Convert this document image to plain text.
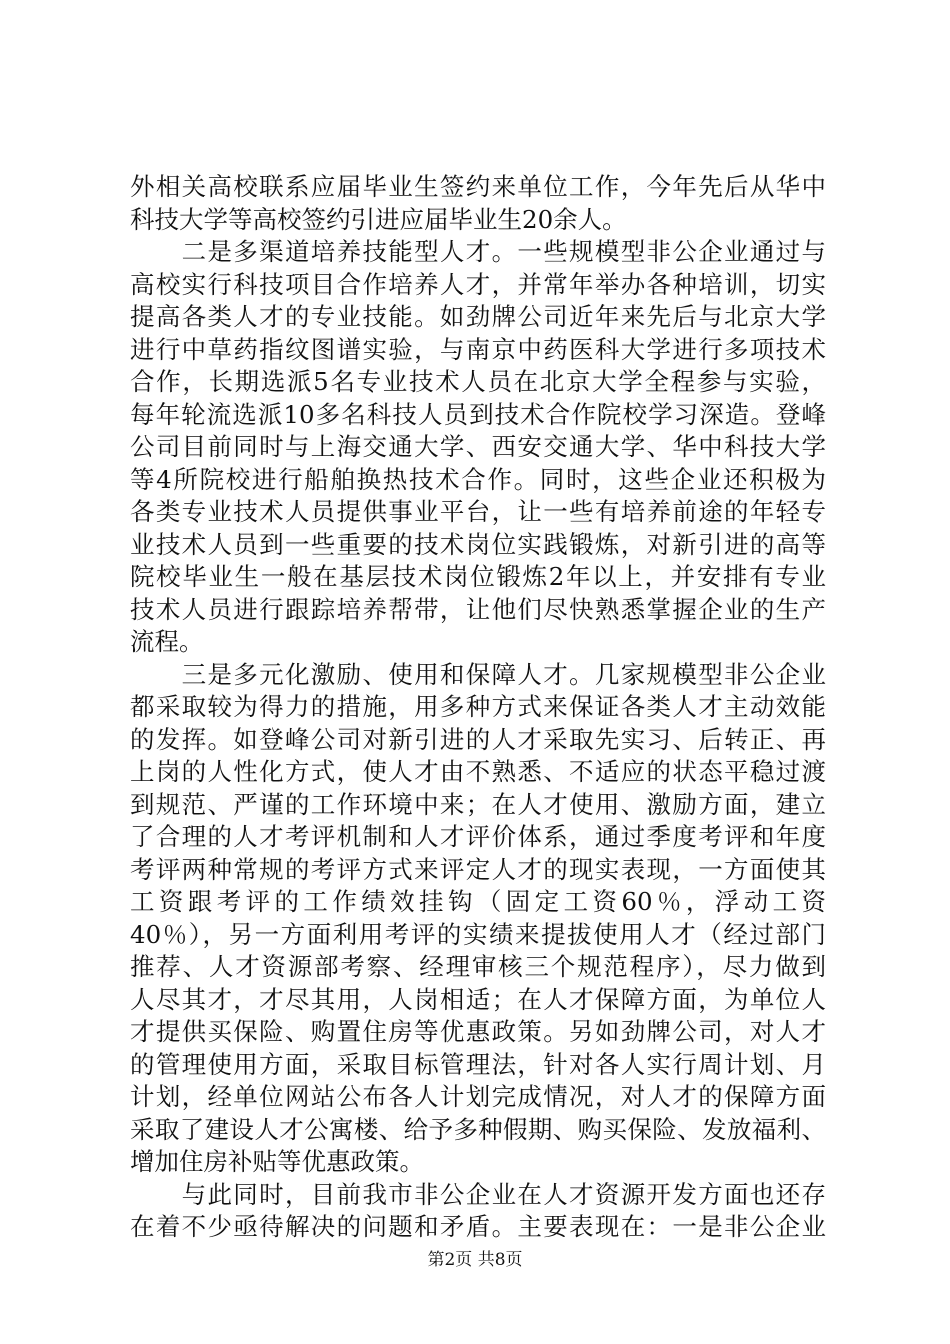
外相关高校联系应届毕业生签约来单位工作，今年先后从华中
科技大学等高校签约引进应届毕业生20余人。
　　二是多渠道培养技能型人才。一些规模型非公企业通过与
高校实行科技项目合作培养人才，并常年举办各种培训，切实
提高各类人才的专业技能。如劲牌公司近年来先后与北京大学
进行中草药指纹图谱实验，与南京中药医科大学进行多项技术
合作，长期选派5名专业技术人员在北京大学全程参与实验，
每年轮流选派10多名科技人员到技术合作院校学习深造。登峰
公司目前同时与上海交通大学、西安交通大学、华中科技大学
等4所院校进行船舶换热技术合作。同时，这些企业还积极为
各类专业技术人员提供事业平台，让一些有培养前途的年轻专
业技术人员到一些重要的技术岗位实践锻炼，对新引进的高等
院校毕业生一般在基层技术岗位锻炼2年以上，并安排有专业
技术人员进行跟踪培养帮带，让他们尽快熟悉掌握企业的生产
流程。
　　三是多元化激励、使用和保障人才。几家规模型非公企业
都采取较为得力的措施，用多种方式来保证各类人才主动效能
的发挥。如登峰公司对新引进的人才采取先实习、后转正、再
上岗的人性化方式，使人才由不熟悉、不适应的状态平稳过渡
到规范、严谨的工作环境中来；在人才使用、激励方面，建立
了合理的人才考评机制和人才评价体系，通过季度考评和年度
考评两种常规的考评方式来评定人才的现实表现，一方面使其
工资跟考评的工作绩效挂钩（固定工资60％，浮动工资
40％），另一方面利用考评的实绩来提拔使用人才（经过部门
推荐、人才资源部考察、经理审核三个规范程序），尽力做到
人尽其才，才尽其用，人岗相适；在人才保障方面，为单位人
才提供买保险、购置住房等优惠政策。另如劲牌公司，对人才
的管理使用方面，采取目标管理法，针对各人实行周计划、月
计划，经单位网站公布各人计划完成情况，对人才的保障方面
采取了建设人才公寓楼、给予多种假期、购买保险、发放福利、
增加住房补贴等优惠政策。
　　与此同时，目前我市非公企业在人才资源开发方面也还存
在着不少亟待解决的问题和矛盾。主要表现在：一是非公企业
第2页 共8页
